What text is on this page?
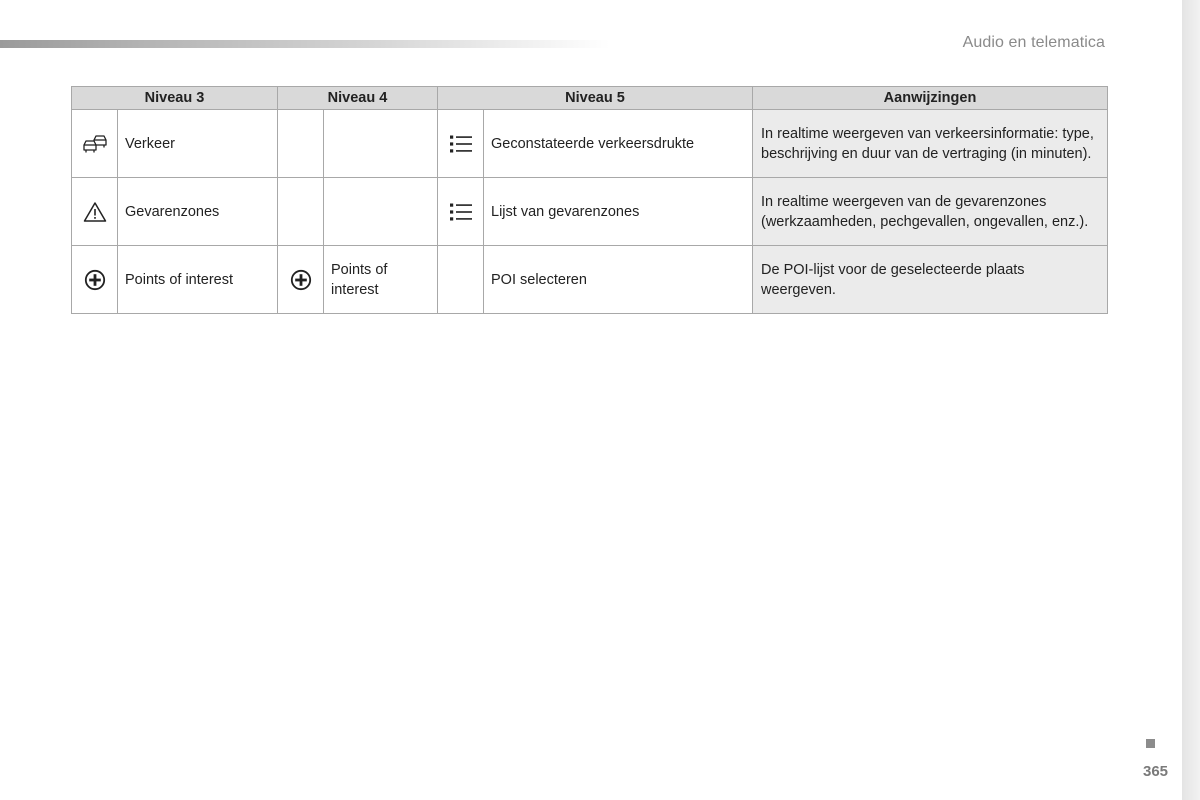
Audio en telematica
Niveau 3		Niveau 4		Niveau 5		Aanwijzingen
	Verkeer				Geconstateerde verkeersdrukte	In realtime weergeven van verkeersinformatie: type, beschrijving en duur van de vertraging (in minuten).
	Gevarenzones				Lijst van gevarenzones	In realtime weergeven van de gevarenzones (werkzaamheden, pechgevallen, ongevallen, enz.).
	Points of interest		Points of interest		POI selecteren	De POI-lijst voor de geselecteerde plaats weergeven.
365
